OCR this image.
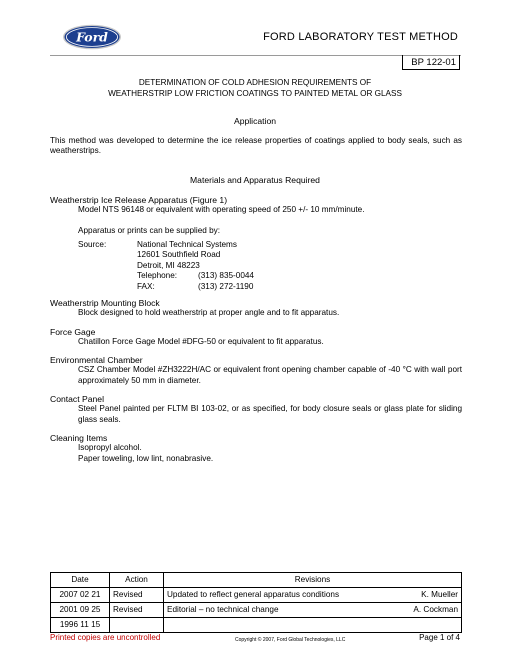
Ford	FORD LABORATORY TEST METHOD
BP 122-01
DETERMINATION OF COLD ADHESION REQUIREMENTS OF
WEATHERSTRIP LOW FRICTION COATINGS TO PAINTED METAL OR GLASS
Application
This method was developed to determine the ice release properties of coatings applied to body seals, such as weatherstrips.
Materials and Apparatus Required
Weatherstrip Ice Release Apparatus (Figure 1)
Model NTS 96148 or equivalent with operating speed of 250 +/- 10 mm/minute.
Apparatus or prints can be supplied by:
Source:	National Technical Systems
12601 Southfield Road
Detroit, MI 48223
Telephone:	(313) 835-0044
FAX:	(313) 272-1190
Weatherstrip Mounting Block
Block designed to hold weatherstrip at proper angle and to fit apparatus.
Force Gage
Chatillon Force Gage Model #DFG-50 or equivalent to fit apparatus.
Environmental Chamber
CSZ Chamber Model #ZH3222H/AC or equivalent front opening chamber capable of -40 °C with wall port approximately 50 mm in diameter.
Contact Panel
Steel Panel painted per FLTM BI 103-02, or as specified, for body closure seals or glass plate for sliding glass seals.
Cleaning Items
Isopropyl alcohol.
Paper toweling, low lint, nonabrasive.
Date	Action	Revisions
2007 02 21	Revised	Updated to reflect general apparatus conditions K. Mueller

2001 09 25	Revised	Editorial – no technical change A. Cockman

1996 11 15		
Printed copies are uncontrolled	Copyright © 2007, Ford Global Technologies, LLC	Page 1 of 4
